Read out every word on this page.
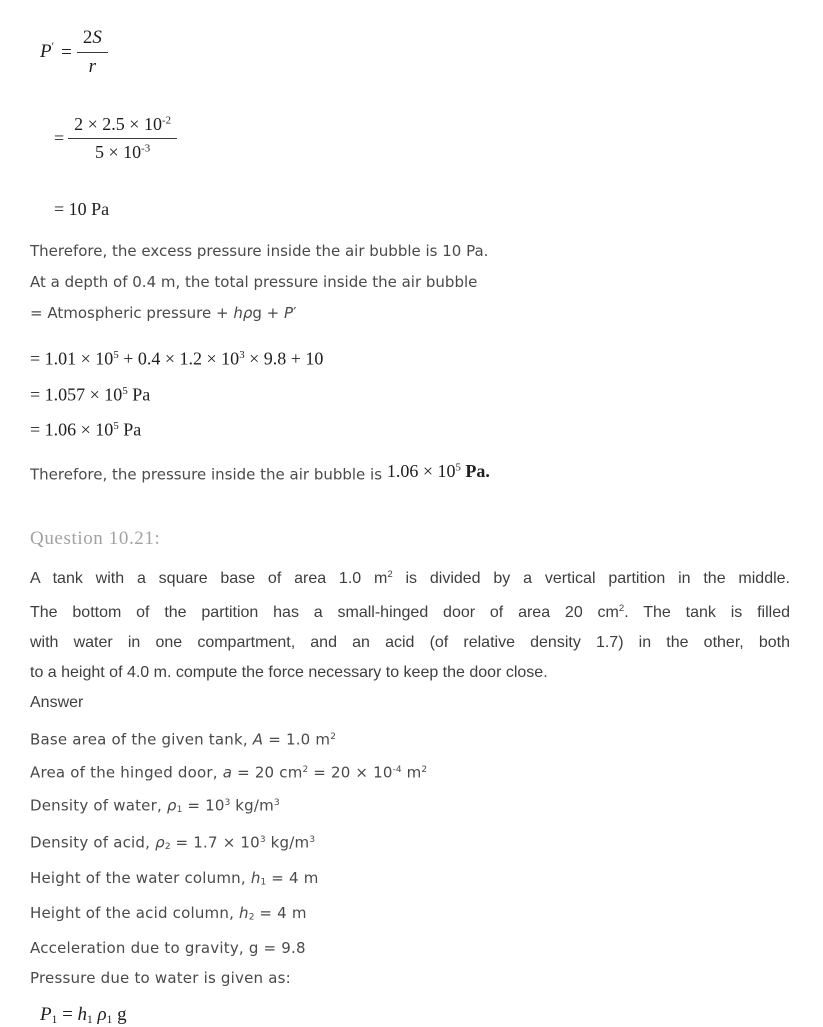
$P' = \frac{2S}{r}$
= $\frac{2 \times 2.5 \times 10^{-2}}{5 \times 10^{-3}}$
= 10 Pa
Therefore, the excess pressure inside the air bubble is 10 Pa.
At a depth of 0.4 m, the total pressure inside the air bubble
= Atmospheric pressure + hρg + P′
= $1.01 \times 10^5 + 0.4 \times 1.2 \times 10^3 \times 9.8 + 10$
= $1.057 \times 10^5$ Pa
= $1.06 \times 10^5$ Pa
Therefore, the pressure inside the air bubble is $1.06 \times 10^5$ Pa.
Question 10.21:
A tank with a square base of area 1.0 $m^2$ is divided by a vertical partition in the middle.
The bottom of the partition has a small-hinged door of area 20 $cm^2$. The tank is filled
with water in one compartment, and an acid (of relative density 1.7) in the other, both
to a height of 4.0 m. compute the force necessary to keep the door close.
Answer
Base area of the given tank, A = 1.0 $m^2$
Area of the hinged door, a = 20 $cm^2 = 20 \times 10^{-4}$ $m^2$
Density of water, $\rho 1 = 10^3$ $kg/m^3$
Density of acid, $\rho 2 = 1.7 \times 10^3$ $kg/m^3$
Height of the water column, h1 = 4 m
Height of the acid column, h2 = 4 m
Acceleration due to gravity, g = 9.8
Pressure due to water is given as:
P1 = h1 ρ1 g
